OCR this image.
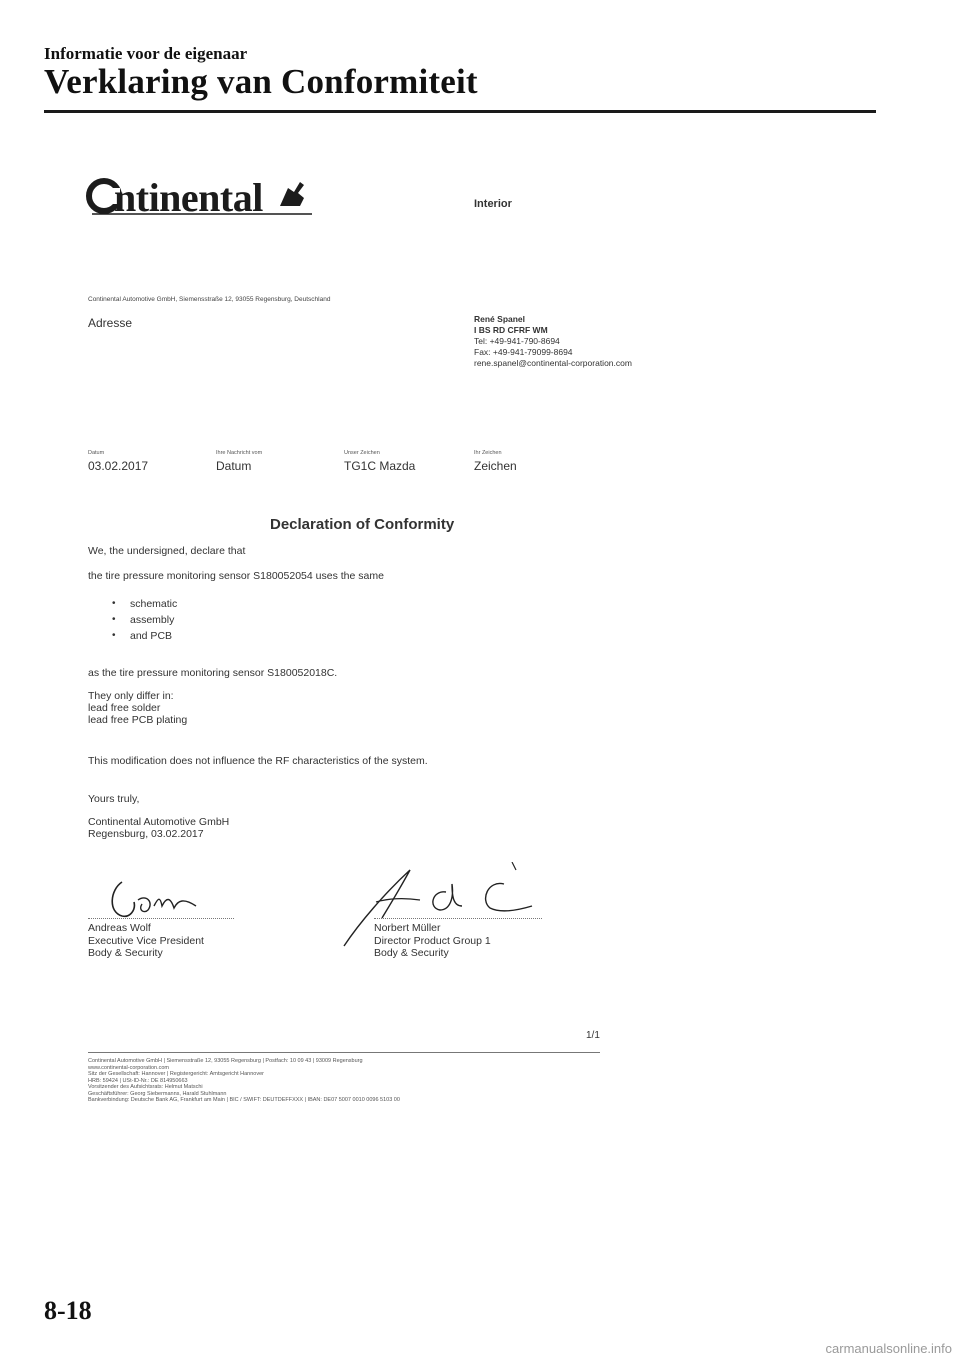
Informatie voor de eigenaar
Verklaring van Conformiteit
ntinental	Interior
Continental Automotive GmbH, Siemensstraße 12, 93055 Regensburg, Deutschland
Adresse	René Spanel
I BS RD CFRF WM
Tel: +49-941-790-8694
Fax: +49-941-79099-8694
rene.spanel@continental-corporation.com
Datum
03.02.2017
Ihre Nachricht vom
Datum
Unser Zeichen
TG1C Mazda
Ihr Zeichen
Zeichen
Declaration of Conformity
We, the undersigned, declare that
the tire pressure monitoring sensor S180052054 uses the same
• schematic
• assembly
• and PCB
as the tire pressure monitoring sensor S180052018C.
They only differ in:
lead free solder
lead free PCB plating
This modification does not influence the RF characteristics of the system.
Yours truly,
Continental Automotive GmbH
Regensburg, 03.02.2017
Andreas Wolf
Executive Vice President
Body & Security
Norbert Müller
Director Product Group 1
Body & Security
1/1
Continental Automotive GmbH | Siemensstraße 12, 93055 Regensburg | Postfach: 10 09 43 | 93009 Regensburg
www.continental-corporation.com
Sitz der Gesellschaft: Hannover | Registergericht: Amtsgericht Hannover
HRB: 59424 | USt-ID-Nr.: DE 814950663
Vorsitzender des Aufsichtsrats: Helmut Matschi
Geschäftsführer: Georg Siebermanns, Harald Stuhlmann
Bankverbindung: Deutsche Bank AG, Frankfurt am Main | BIC / SWIFT: DEUTDEFFXXX | IBAN: DE07 5007 0010 0096 5103 00
8-18
carmanualsonline.info
